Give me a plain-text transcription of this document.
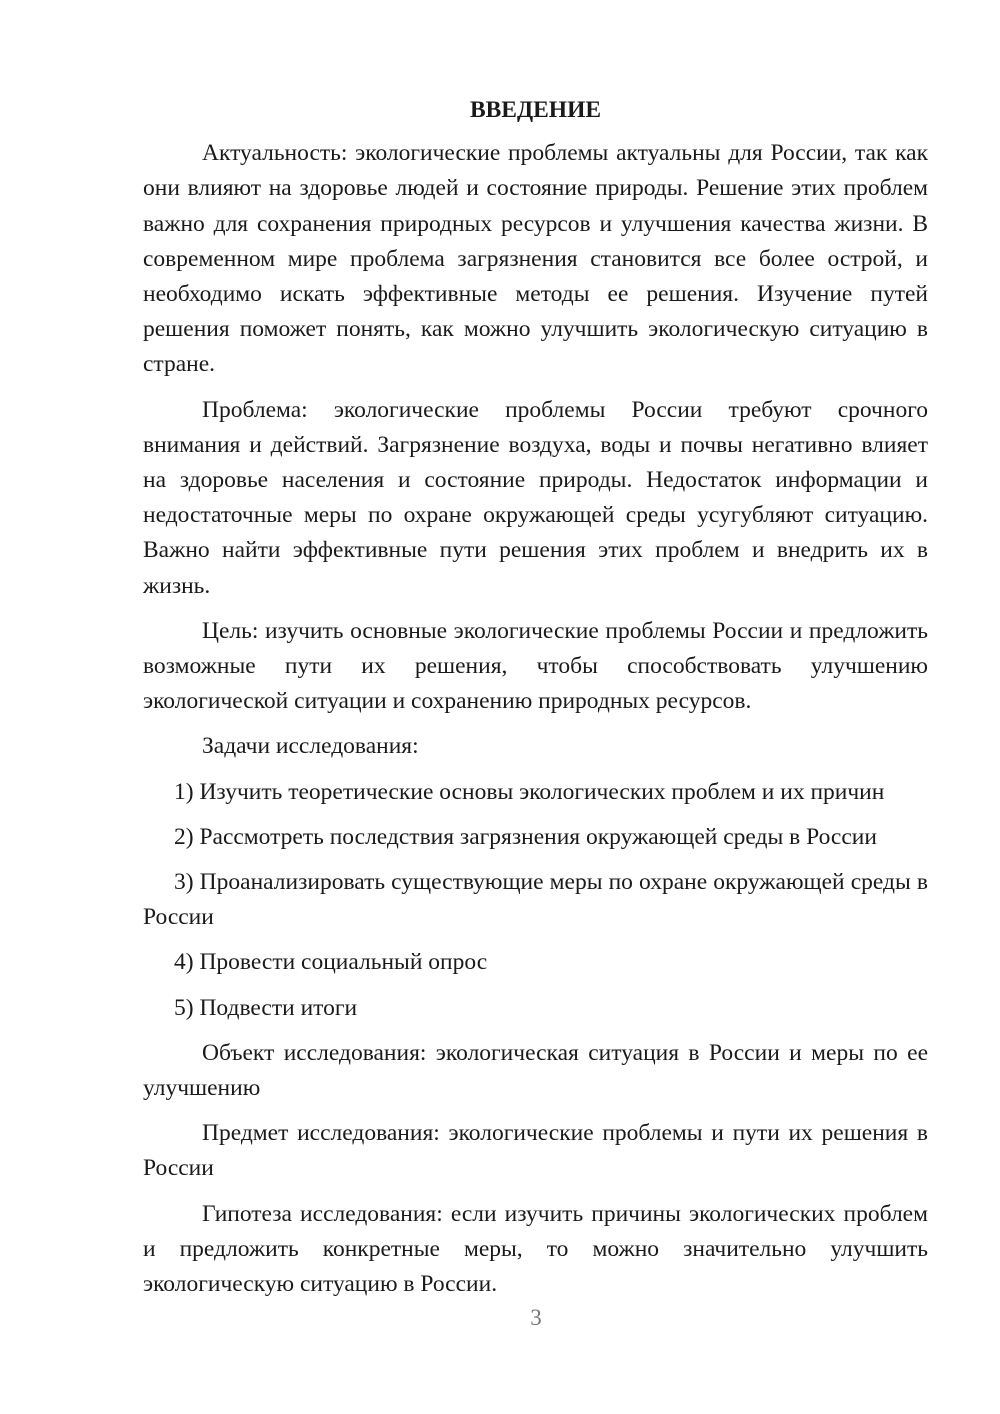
ВВЕДЕНИЕ

Актуальность: экологические проблемы актуальны для России, так как они влияют на здоровье людей и состояние природы. Решение этих проблем важно для сохранения природных ресурсов и улучшения качества жизни. В современном мире проблема загрязнения становится все более острой, и необходимо искать эффективные методы ее решения. Изучение путей решения поможет понять, как можно улучшить экологическую ситуацию в стране.

Проблема: экологические проблемы России требуют срочного внимания и действий. Загрязнение воздуха, воды и почвы негативно влияет на здоровье населения и состояние природы. Недостаток информации и недостаточные меры по охране окружающей среды усугубляют ситуацию. Важно найти эффективные пути решения этих проблем и внедрить их в жизнь.

Цель: изучить основные экологические проблемы России и предложить возможные пути их решения, чтобы способствовать улучшению экологической ситуации и сохранению природных ресурсов.

Задачи исследования:

1) Изучить теоретические основы экологических проблем и их причин

2) Рассмотреть последствия загрязнения окружающей среды в России

3) Проанализировать существующие меры по охране окружающей среды в России

4) Провести социальный опрос

5) Подвести итоги

Объект исследования: экологическая ситуация в России и меры по ее улучшению

Предмет исследования: экологические проблемы и пути их решения в России

Гипотеза исследования: если изучить причины экологических проблем и предложить конкретные меры, то можно значительно улучшить экологическую ситуацию в России.

3
